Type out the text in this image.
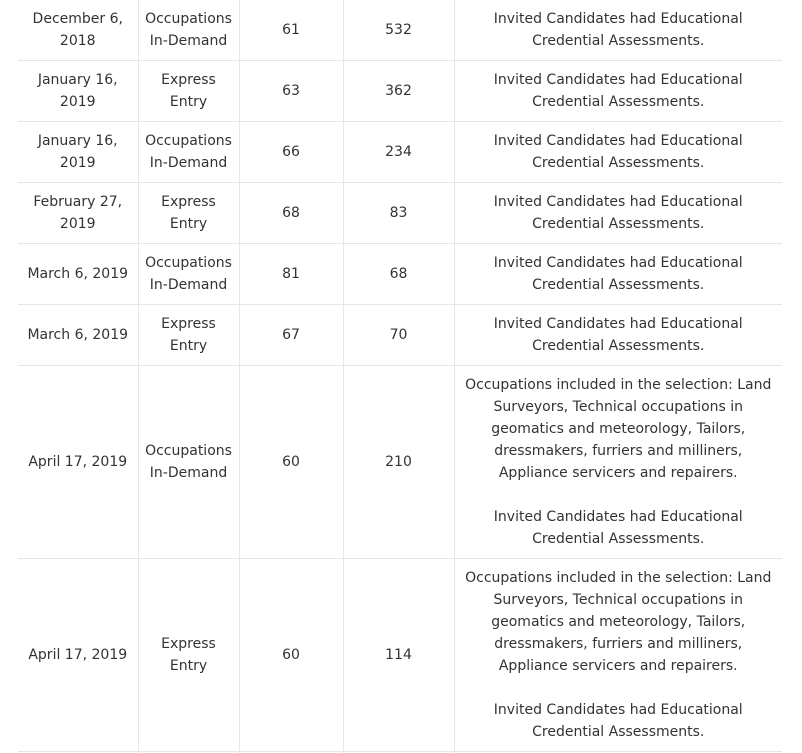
December 6, 2018	Occupations In-Demand	61	532	Invited Candidates had Educational Credential Assessments.

January 16, 2019	Express Entry	63	362	Invited Candidates had Educational Credential Assessments.

January 16, 2019	Occupations In-Demand	66	234	Invited Candidates had Educational Credential Assessments.

February 27, 2019	Express Entry	68	83	Invited Candidates had Educational Credential Assessments.

March 6, 2019	Occupations In-Demand	81	68	Invited Candidates had Educational Credential Assessments.

March 6, 2019	Express Entry	67	70	Invited Candidates had Educational Credential Assessments.

April 17, 2019	Occupations In-Demand	60	210	Occupations included in the selection: Land Surveyors, Technical occupations in geomatics and meteorology, Tailors, dressmakers, furriers and milliners, Appliance servicers and repairers.
Invited Candidates had Educational Credential Assessments.

April 17, 2019	Express Entry	60	114	Occupations included in the selection: Land Surveyors, Technical occupations in geomatics and meteorology, Tailors, dressmakers, furriers and milliners, Appliance servicers and repairers.
Invited Candidates had Educational Credential Assessments.
